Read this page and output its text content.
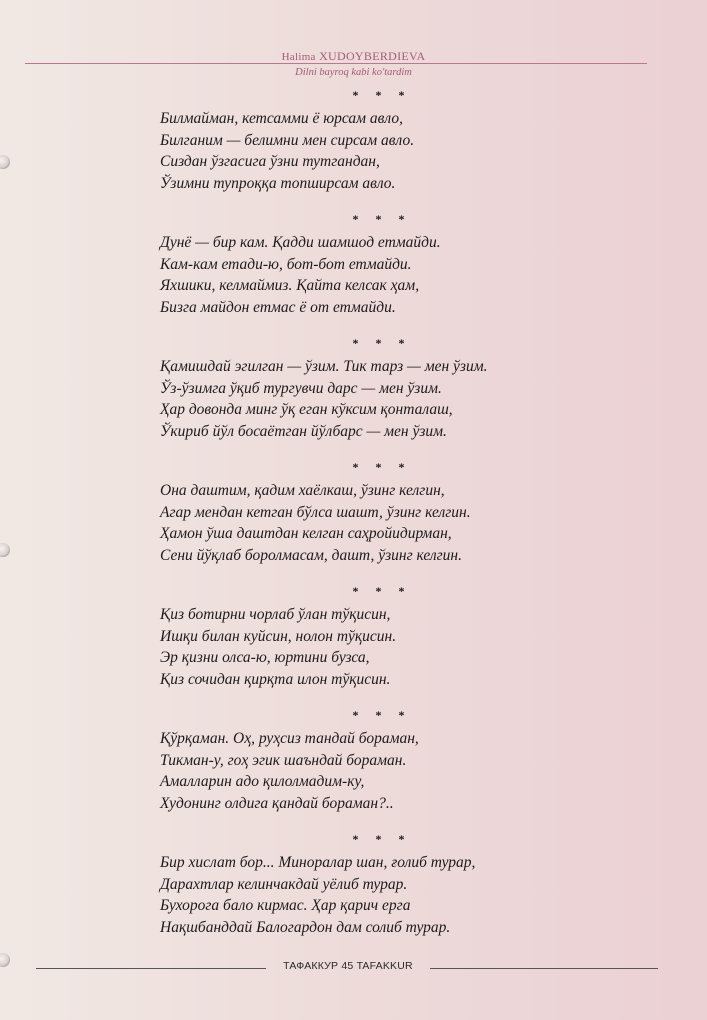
Halima XUDOYBERDIEVA
Dilni bayroq kabi ko'tardim
* * *
Билмайман, кетсамми ё юрсам авло,
Билганим — белимни мен сирсам авло.
Сиздан ўзгасига ўзни тутгандан,
Ўзимни тупроққа топширсам авло.
* * *
Дунё — бир кам. Қадди шамшод етмайди.
Кам-кам етади-ю, бот-бот етмайди.
Яхшики, келмаймиз. Қайта келсак ҳам,
Бизга майдон етмас ё от етмайди.
* * *
Қамишдай эгилган — ўзим. Тик тарз — мен ўзим.
Ўз-ўзимга ўқиб тургувчи дарс — мен ўзим.
Ҳар довонда минг ўқ еган кўксим қонталаш,
Ўкириб йўл босаётган йўлбарс — мен ўзим.
* * *
Она даштим, қадим хаёлкаш, ўзинг келгин,
Агар мендан кетган бўлса шашт, ўзинг келгин.
Ҳамон ўша даштдан келган саҳройидирман,
Сени йўқлаб боролмасам, дашт, ўзинг келгин.
* * *
Қиз ботирни чорлаб ўлан тўқисин,
Ишқи билан куйсин, нолон тўқисин.
Эр қизни олса-ю, юртини бузса,
Қиз сочидан қирқта илон тўқисин.
* * *
Қўрқаман. Оҳ, руҳсиз тандай бораман,
Тикман-у, гоҳ эгик шаъндай бораман.
Амалларин адо қилолмадим-ку,
Худонинг олдига қандай бораман?..
* * *
Бир хислат бор... Миноралар шан, ғолиб турар,
Дарахтлар келинчакдай уёлиб турар.
Бухорога бало кирмас. Ҳар қарич ерга
Нақшбанддай Балогардон дам солиб турар.
ТАФАККУР 45 TAFAKKUR
